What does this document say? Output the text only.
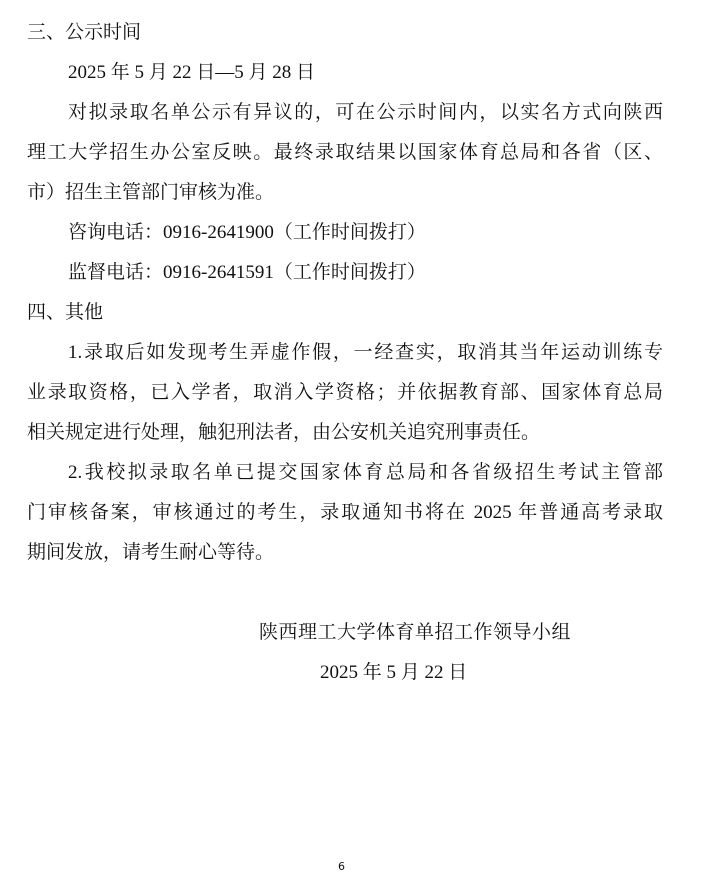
三、公示时间
2025 年 5 月 22 日—5 月 28 日
对拟录取名单公示有异议的，可在公示时间内，以实名方式向陕西
理工大学招生办公室反映。最终录取结果以国家体育总局和各省（区、
市）招生主管部门审核为准。
咨询电话：0916-2641900（工作时间拨打）
监督电话：0916-2641591（工作时间拨打）
四、其他
1.录取后如发现考生弄虚作假，一经查实，取消其当年运动训练专
业录取资格，已入学者，取消入学资格；并依据教育部、国家体育总局
相关规定进行处理，触犯刑法者，由公安机关追究刑事责任。
2.我校拟录取名单已提交国家体育总局和各省级招生考试主管部
门审核备案，审核通过的考生，录取通知书将在 2025 年普通高考录取
期间发放，请考生耐心等待。
陕西理工大学体育单招工作领导小组
2025 年 5 月 22 日
6
